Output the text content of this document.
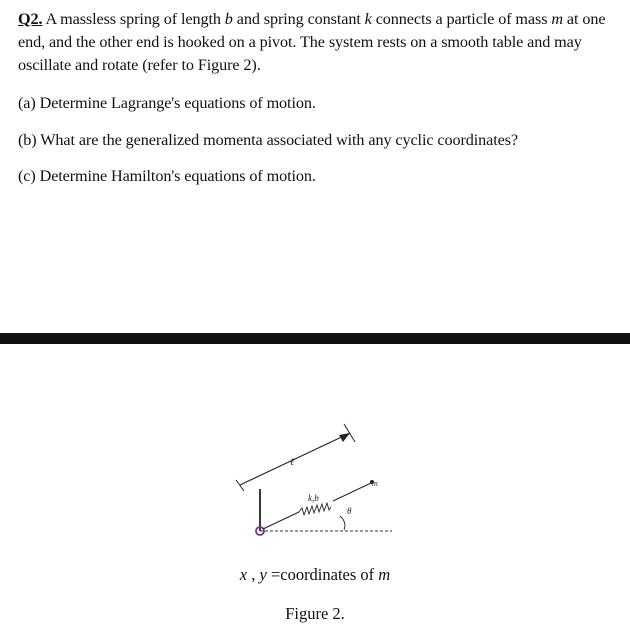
Q2. A massless spring of length b and spring constant k connects a particle of mass m at one end, and the other end is hooked on a pivot. The system rests on a smooth table and may oscillate and rotate (refer to Figure 2).
(a) Determine Lagrange's equations of motion.
(b) What are the generalized momenta associated with any cyclic coordinates?
(c) Determine Hamilton's equations of motion.
ℓ
m
k,b
θ
x , y =coordinates of m
Figure 2.
